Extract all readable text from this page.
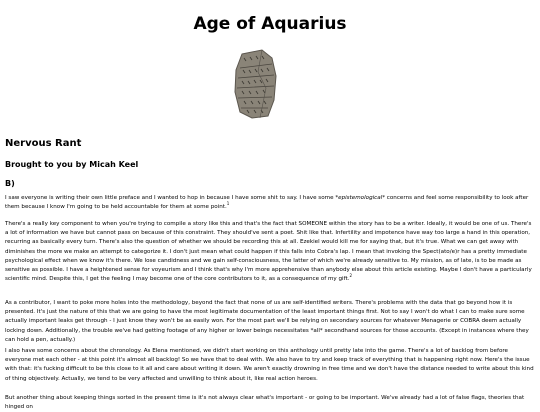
Age of Aquarius
Nervous Rant

Brought to you by Micah Keel

B)

I saw everyone is writing their own little preface and I wanted to hop in because I have some shit to say. I have some *epistemological* concerns and feel some responsibility to look after them because I know I'm going to be held accountable for them at some point.$^1$

There's a really key component to when you're trying to compile a story like this and that's the fact that SOMEONE within the story has to be a writer. Ideally, it would be one of us. There's a lot of information we have but cannot pass on because of this constraint. They should've sent a poet. Shit like that. Infertility and impotence have way too large a hand in this operation, recurring as basically every turn. There's also the question of whether we should be recording this at all. Ezekiel would kill me for saying that, but it's true. What we can get away with diminishes the more we make an attempt to categorize it. I don't just mean what could happen if this falls into Cobra's lap. I mean that invoking the Spect(ato/e)r has a pretty immediate psychological effect when we know it's there. We lose candidness and we gain self-consciousness, the latter of which we're already sensitive to. My mission, as of late, is to be made as sensitive as possible. I have a heightened sense for voyeurism and I think that's why I'm more apprehensive than anybody else about this article existing. Maybe I don't have a particularly scientific mind. Despite this, I get the feeling I may become one of the core contributors to it, as a consequence of my gift.$^2$

As a contributor, I want to poke more holes into the methodology, beyond the fact that none of us are self-identified writers. There's problems with the data that go beyond how it is presented. It's just the nature of this that we are going to have the most legitimate documentation of the least important things first. Not to say I won't do what I can to make sure some actually important leaks get through - I just know they won't be as easily won. For the most part we'll be relying on secondary sources for whatever Menagerie or COBRA deem actually locking down. Additionally, the trouble we've had getting footage of any higher or lower beings necessitates *all* secondhand sources for those accounts. (Except in instances where they can hold a pen, actually.)

I also have some concerns about the chronology. As Elena mentioned, we didn't start working on this anthology until pretty late into the game. There's a lot of backlog from before everyone met each other - at this point it's almost all backlog! So we have that to deal with. We also have to try and keep track of everything that is happening right now. Here's the issue with that: it's fucking difficult to be this close to it all and care about writing it down. We aren't exactly drowning in free time and we don't have the distance needed to write about this kind of thing objectively. Actually, we tend to be very affected and unwilling to think about it, like real action heroes.

But another thing about keeping things sorted in the present time is it's not always clear what's important - or going to be important. We've already had a lot of false flags, theories that hinged on
